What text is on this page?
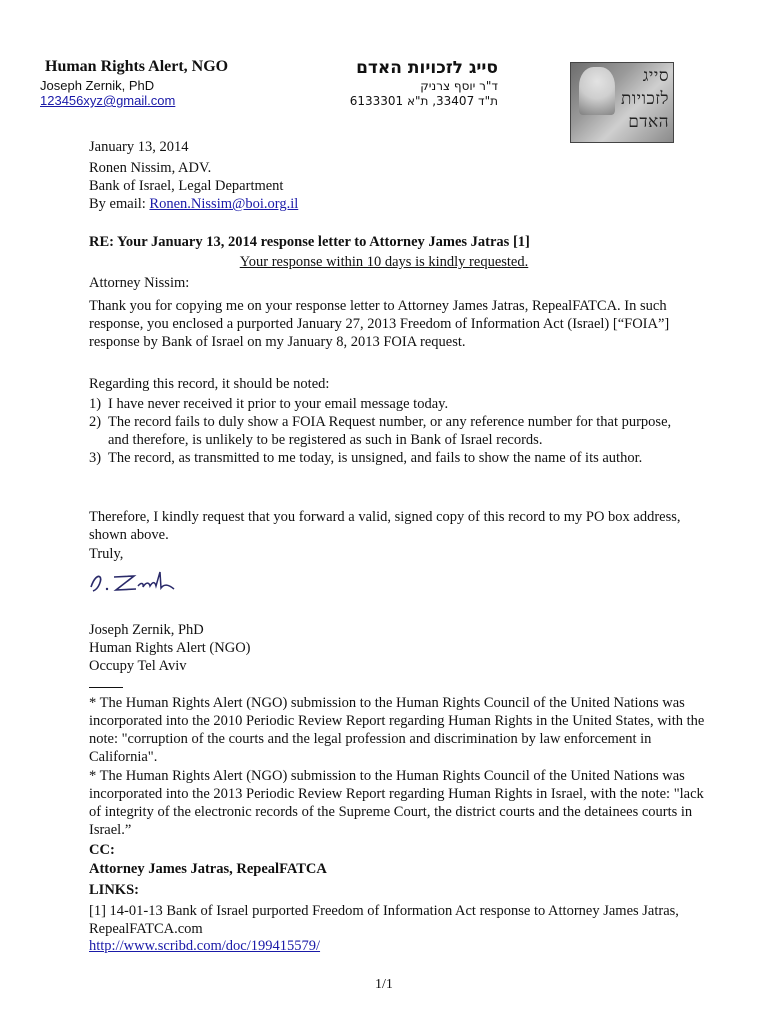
Human Rights Alert, NGO
Joseph Zernik, PhD
123456xyz@gmail.com
סייג לזכויות האדם
ד"ר יוסף צרניק
ת"ד 33407, ת"א 6133301
סייג לזכויות האדם
January 13, 2014
Ronen Nissim, ADV.
Bank of Israel, Legal Department
By email: Ronen.Nissim@boi.org.il
RE: Your January 13, 2014 response letter to Attorney James Jatras [1]
Your response within 10 days is kindly requested.
Attorney Nissim:
Thank you for copying me on your response letter to Attorney James Jatras, RepealFATCA. In such response, you enclosed a purported January 27, 2013 Freedom of Information Act (Israel) [“FOIA”] response by Bank of Israel on my January 8, 2013 FOIA request.
Regarding this record, it should be noted:
1) I have never received it prior to your email message today.
2) The record fails to duly show a FOIA Request number, or any reference number for that purpose, and therefore, is unlikely to be registered as such in Bank of Israel records.
3) The record, as transmitted to me today, is unsigned, and fails to show the name of its author.
Therefore, I kindly request that you forward a valid, signed copy of this record to my PO box address, shown above.
Truly,
Joseph Zernik, PhD
Human Rights Alert (NGO)
Occupy Tel Aviv
* The Human Rights Alert (NGO) submission to the Human Rights Council of the United Nations was incorporated into the 2010 Periodic Review Report regarding Human Rights in the United States, with the note: "corruption of the courts and the legal profession and discrimination by law enforcement in California".
* The Human Rights Alert (NGO) submission to the Human Rights Council of the United Nations was incorporated into the 2013 Periodic Review Report regarding Human Rights in Israel, with the note: "lack of integrity of the electronic records of the Supreme Court, the district courts and the detainees courts in Israel.”
CC:
Attorney James Jatras, RepealFATCA
LINKS:
[1] 14-01-13 Bank of Israel purported Freedom of Information Act response to Attorney James Jatras, RepealFATCA.com
http://www.scribd.com/doc/199415579/
1/1
